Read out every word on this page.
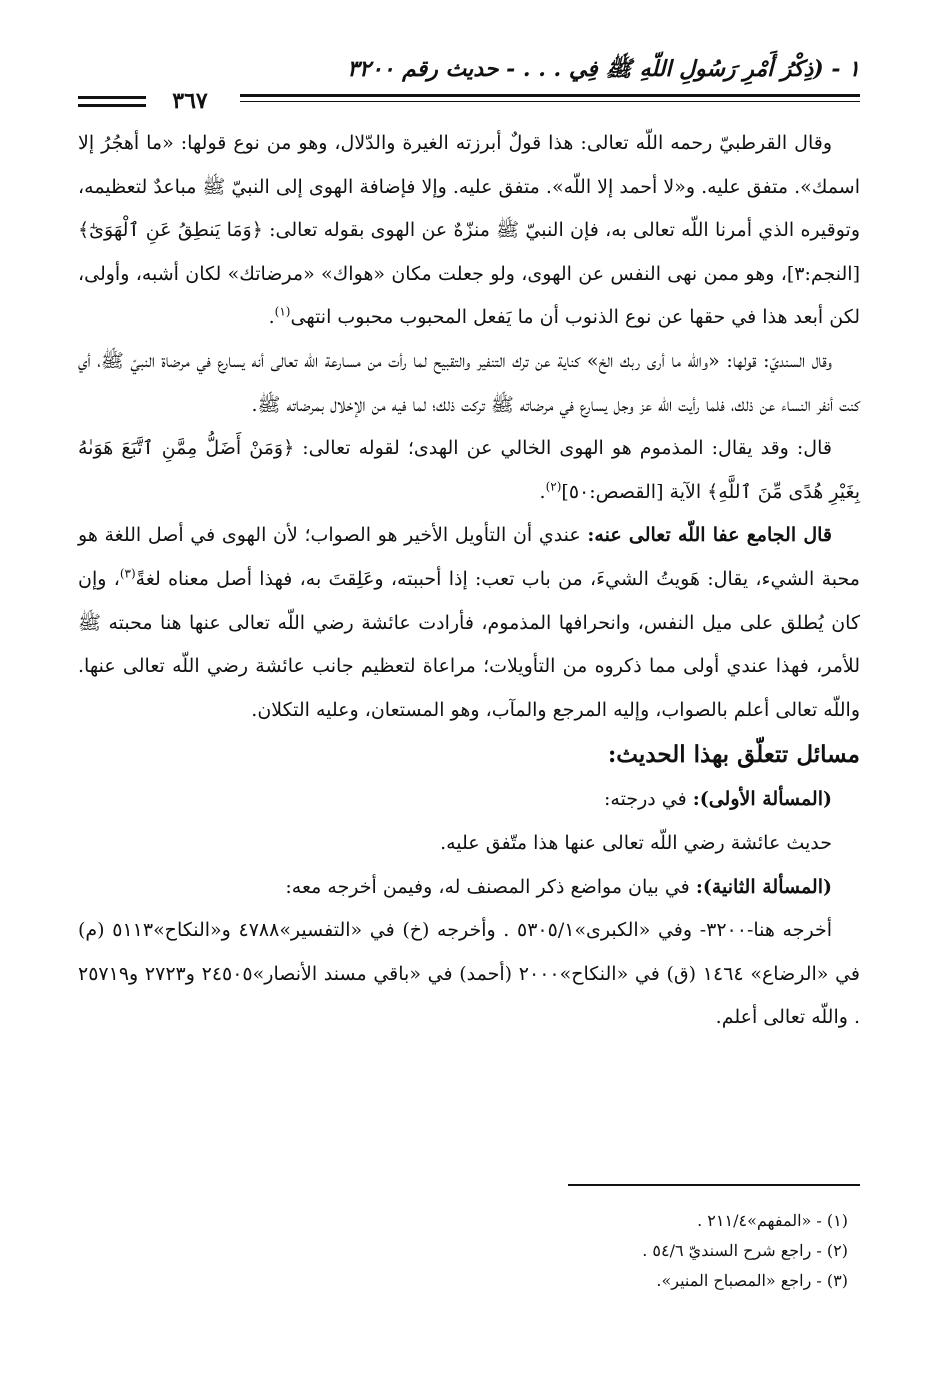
١ - (ذِكْرُ أَمْرِ رَسُولِ اللّهِ ﷺ فِي . . . - حديث رقم ٣٢٠٠
٣٦٧

وقال القرطبيّ رحمه اللّه تعالى: هذا قولٌ أبرزته الغيرة والدّلال، وهو من نوع قولها: «ما أهجُرُ إلا اسمك». متفق عليه. و«لا أحمد إلا اللّه». متفق عليه. وإلا فإضافة الهوى إلى النبيّ ﷺ مباعدٌ لتعظيمه، وتوقيره الذي أمرنا اللّه تعالى به، فإن النبيّ ﷺ منزّهٌ عن الهوى بقوله تعالى: ﴿وَمَا يَنطِقُ عَنِ ٱلْهَوَىٰٓ﴾[النجم:٣]، وهو ممن نهى النفس عن الهوى، ولو جعلت مكان «هواك» «مرضاتك» لكان أشبه، وأولى، لكن أبعد هذا في حقها عن نوع الذنوب أن ما يَفعل المحبوب محبوب انتهى$^{(١)}$.

وقال السنديّ: قولها: «واللّه ما أرى ربك الخ» كناية عن ترك التنفير والتقبيح لما رأت من مسارعة اللّه تعالى أنه يسارع في مرضاة النبيّ ﷺ، أي كنت أنفر النساء عن ذلك، فلما رأيت اللّه عز وجل يسارع في مرضاته ﷺ تركت ذلك؛ لما فيه من الإخلال بمرضاته ﷺ.

قال: وقد يقال: المذموم هو الهوى الخالي عن الهدى؛ لقوله تعالى: ﴿وَمَنْ أَضَلُّ مِمَّنِ ٱتَّبَعَ هَوَىٰهُ بِغَيْرِ هُدًى مِّنَ ٱللَّهِ﴾ الآية [القصص:٥٠]$^{(٢)}$.

قال الجامع عفا اللّه تعالى عنه: عندي أن التأويل الأخير هو الصواب؛ لأن الهوى في أصل اللغة هو محبة الشيء، يقال: هَويتُ الشيءَ، من باب تعب: إذا أحببته، وعَلِقتَ به، فهذا أصل معناه لغةً$^{(٣)}$، وإن كان يُطلق على ميل النفس، وانحرافها المذموم، فأرادت عائشة رضي اللّه تعالى عنها هنا محبته ﷺ للأمر، فهذا عندي أولى مما ذكروه من التأويلات؛ مراعاة لتعظيم جانب عائشة رضي اللّه تعالى عنها. واللّه تعالى أعلم بالصواب، وإليه المرجع والمآب، وهو المستعان، وعليه التكلان.

مسائل تتعلّق بهذا الحديث:

(المسألة الأولى): في درجته:

حديث عائشة رضي اللّه تعالى عنها هذا متّفق عليه.

(المسألة الثانية): في بيان مواضع ذكر المصنف له، وفيمن أخرجه معه:

أخرجه هنا-٣٢٠٠- وفي «الكبرى»٥٣٠٥/١ . وأخرجه (خ) في «التفسير»٤٧٨٨ و«النكاح»٥١١٣ (م) في «الرضاع» ١٤٦٤ (ق) في «النكاح»٢٠٠٠ (أحمد) في «باقي مسند الأنصار»٢٤٥٠٥ و٢٧٢٣ و٢٥٧١٩ . واللّه تعالى أعلم.

(١) - «المفهم»٢١١/٤ .
(٢) - راجع شرح السنديّ ٥٤/٦ .
(٣) - راجع «المصباح المنير».
